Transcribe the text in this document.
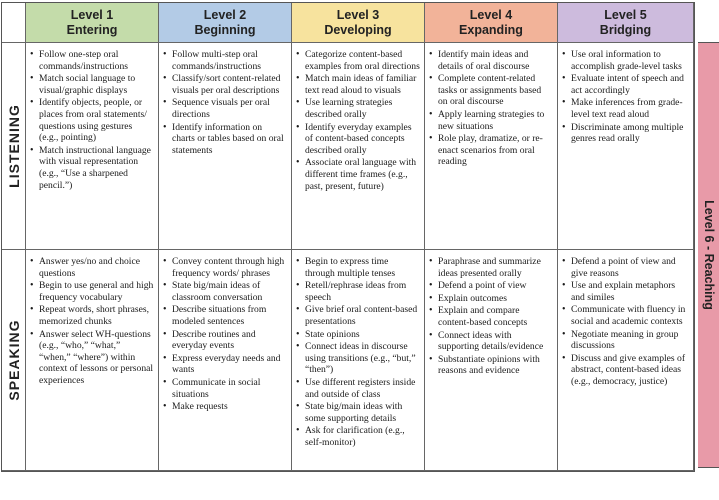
Level 1
Entering
Level 2
Beginning
Level 3
Developing
Level 4
Expanding
Level 5
Bridging
LISTENING
• Follow one-step oral commands/instructions
• Match social language to visual/graphic displays
• Identify objects, people, or places from oral statements/ questions using gestures (e.g., pointing)
• Match instructional language with visual representation (e.g., “Use a sharpened pencil.”)
• Follow multi-step oral commands/instructions
• Classify/sort content-related visuals per oral descriptions
• Sequence visuals per oral directions
• Identify information on charts or tables based on oral statements
• Categorize content-based examples from oral directions
• Match main ideas of familiar text read aloud to visuals
• Use learning strategies described orally
• Identify everyday examples of content-based concepts described orally
• Associate oral language with different time frames (e.g., past, present, future)
• Identify main ideas and details of oral discourse
• Complete content-related tasks or assignments based on oral discourse
• Apply learning strategies to new situations
• Role play, dramatize, or re-enact scenarios from oral reading
• Use oral information to accomplish grade-level tasks
• Evaluate intent of speech and act accordingly
• Make inferences from grade-level text read aloud
• Discriminate among multiple genres read orally
SPEAKING
• Answer yes/no and choice questions
• Begin to use general and high frequency vocabulary
• Repeat words, short phrases, memorized chunks
• Answer select WH-questions (e.g., “who,” “what,” “when,” “where”) within context of lessons or personal experiences
• Convey content through high frequency words/ phrases
• State big/main ideas of classroom conversation
• Describe situations from modeled sentences
• Describe routines and everyday events
• Express everyday needs and wants
• Communicate in social situations
• Make requests
• Begin to express time through multiple tenses
• Retell/rephrase ideas from speech
• Give brief oral content-based presentations
• State opinions
• Connect ideas in discourse using transitions (e.g., “but,” “then”)
• Use different registers inside and outside of class
• State big/main ideas with some supporting details
• Ask for clarification (e.g., self-monitor)
• Paraphrase and summarize ideas presented orally
• Defend a point of view
• Explain outcomes
• Explain and compare content-based concepts
• Connect ideas with supporting details/evidence
• Substantiate opinions with reasons and evidence
• Defend a point of view and give reasons
• Use and explain metaphors and similes
• Communicate with fluency in social and academic contexts
• Negotiate meaning in group discussions
• Discuss and give examples of abstract, content-based ideas (e.g., democracy, justice)
Level 6 - Reaching
